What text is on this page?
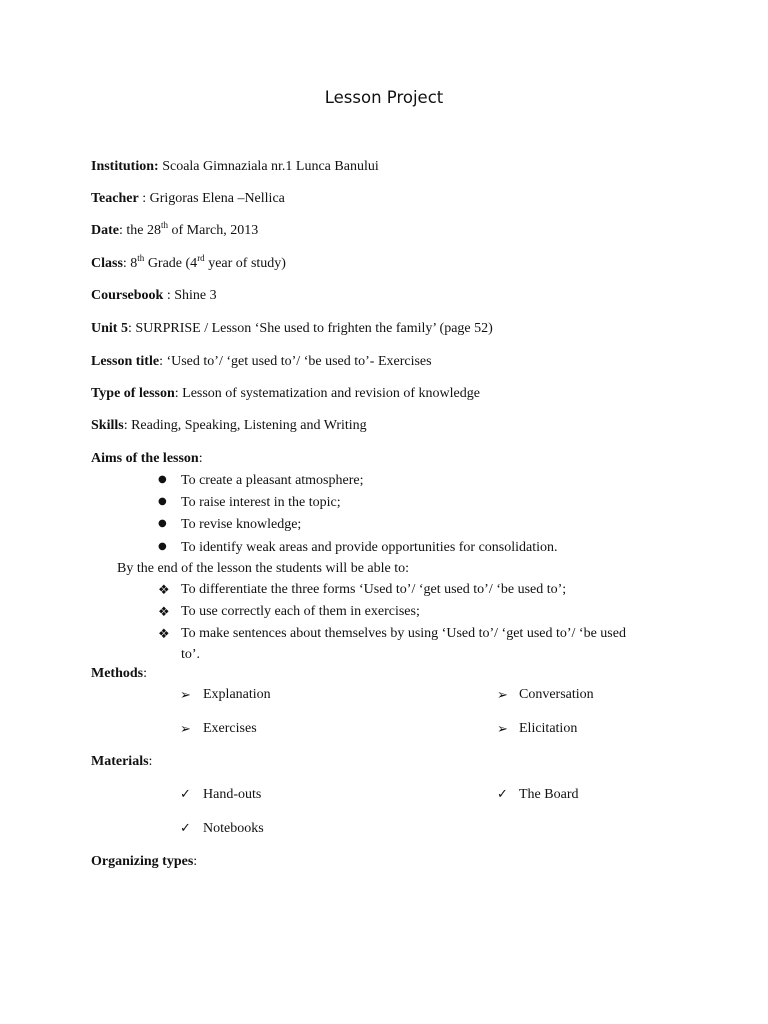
Lesson Project
Institution: Scoala Gimnaziala nr.1 Lunca Banului
Teacher : Grigoras Elena –Nellica
Date: the 28th of March, 2013
Class: 8th Grade (4rd year of study)
Coursebook : Shine 3
Unit 5: SURPRISE / Lesson ‘She used to frighten the family’ (page 52)
Lesson title: ‘Used to’/ ‘get used to’/ ‘be used to’- Exercises
Type of lesson: Lesson of systematization and revision of knowledge
Skills: Reading, Speaking, Listening and Writing
Aims of the lesson:
● To create a pleasant atmosphere;
● To raise interest in the topic;
● To revise knowledge;
● To identify weak areas and provide opportunities for consolidation.
By the end of the lesson the students will be able to:
❖ To differentiate the three forms ‘Used to’/ ‘get used to’/ ‘be used to’;
❖ To use correctly each of them in exercises;
❖ To make sentences about themselves by using ‘Used to’/ ‘get used to’/ ‘be used
to’.
Methods:
➢ Explanation	➢ Conversation
➢ Exercises	➢ Elicitation
Materials:
✓ Hand-outs	✓ The Board
✓ Notebooks
Organizing types:
